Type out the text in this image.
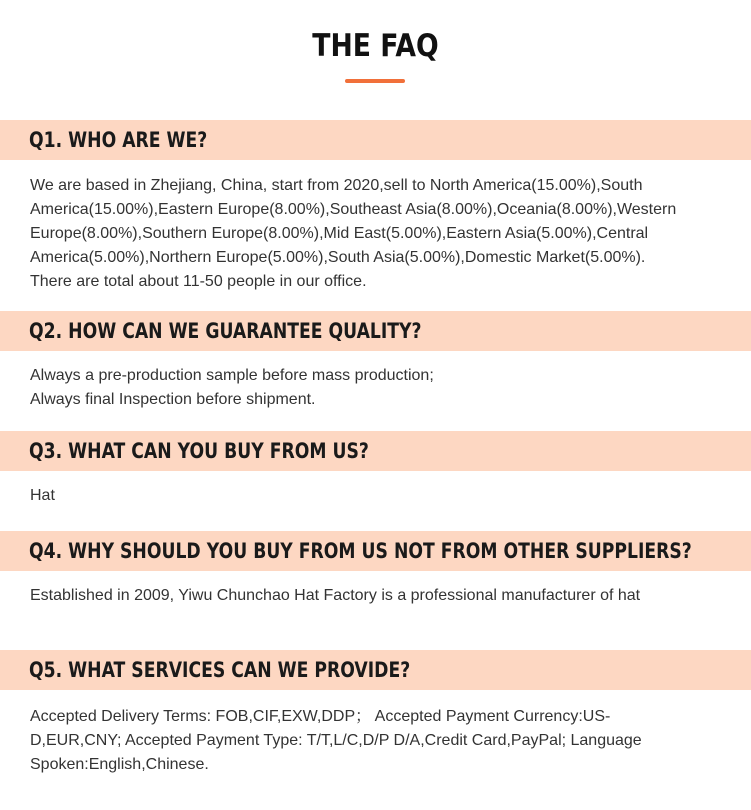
THE FAQ
Q1. WHO ARE WE?
We are based in Zhejiang, China, start from 2020,sell to North America(15.00%),South
America(15.00%),Eastern Europe(8.00%),Southeast Asia(8.00%),Oceania(8.00%),Western
Europe(8.00%),Southern Europe(8.00%),Mid East(5.00%),Eastern Asia(5.00%),Central
America(5.00%),Northern Europe(5.00%),South Asia(5.00%),Domestic Market(5.00%).
There are total about 11-50 people in our office.
Q2. HOW CAN WE GUARANTEE QUALITY?
Always a pre-production sample before mass production;
Always final Inspection before shipment.
Q3. WHAT CAN YOU BUY FROM US?
Hat
Q4. WHY SHOULD YOU BUY FROM US NOT FROM OTHER SUPPLIERS?
Established in 2009, Yiwu Chunchao Hat Factory is a professional manufacturer of hat
Q5. WHAT SERVICES CAN WE PROVIDE?
Accepted Delivery Terms: FOB,CIF,EXW,DDP； Accepted Payment Currency:US-
D,EUR,CNY; Accepted Payment Type: T/T,L/C,D/P D/A,Credit Card,PayPal; Language
Spoken:English,Chinese.
